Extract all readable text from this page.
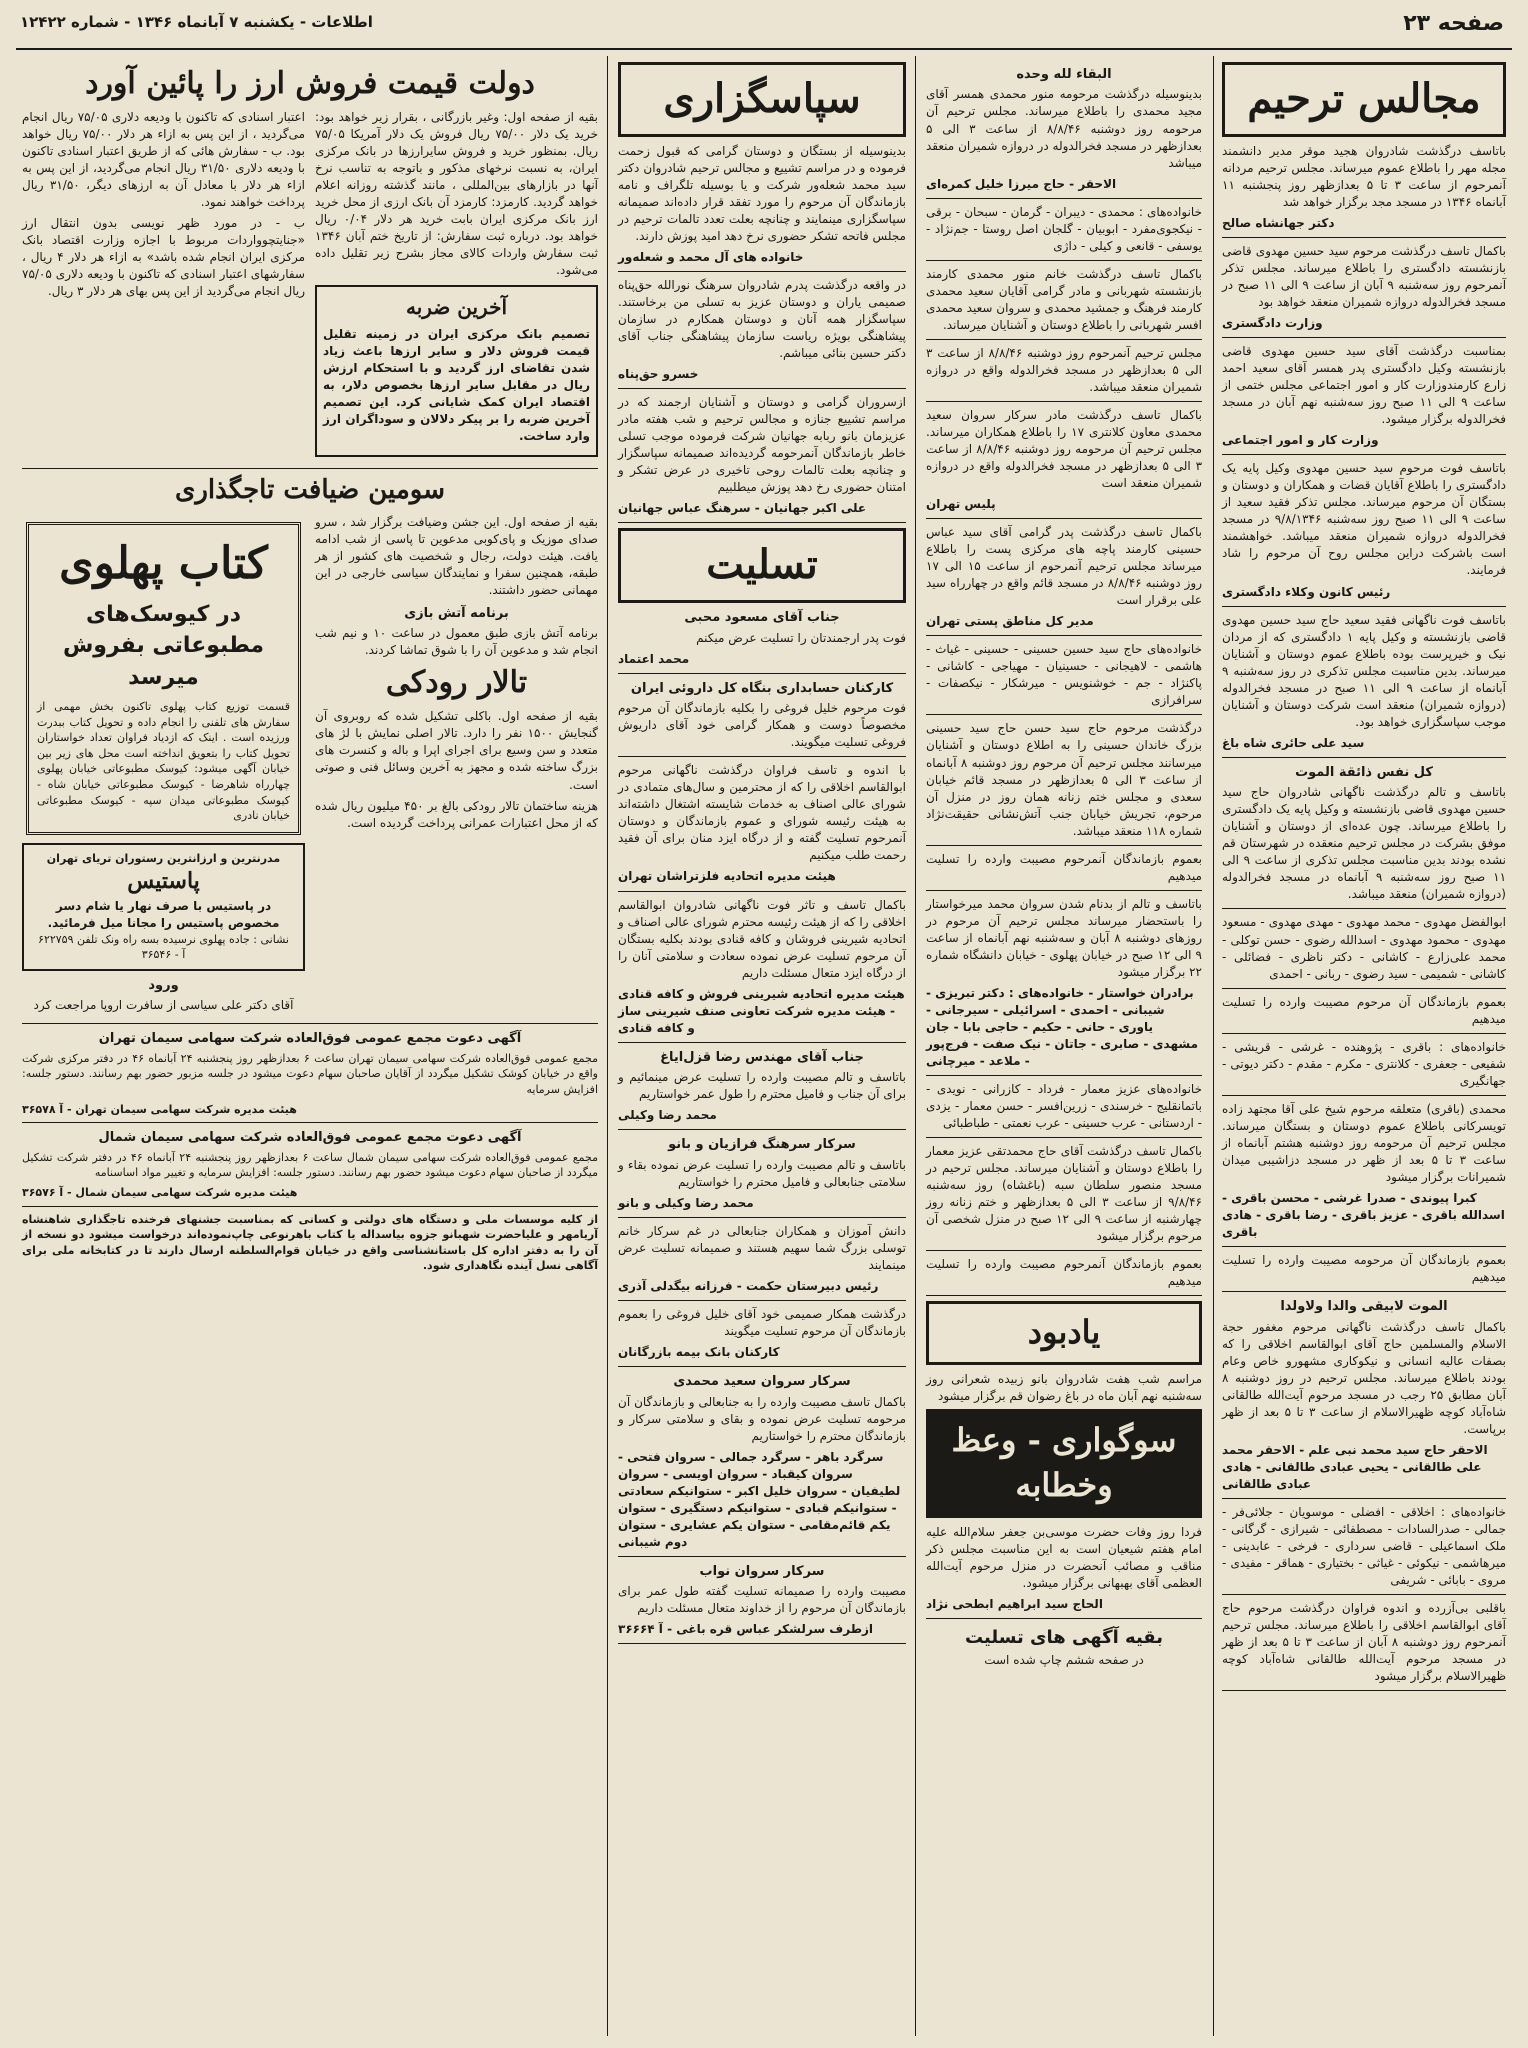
صفحه ۲۳
اطلاعات - یکشنبه ۷ آبانماه ۱۳۴۶ - شماره ۱۲۴۲۲
مجالس ترحیم
باتاسف درگذشت شادروان هجید موقر مدیر دانشمند مجله مهر را باطلاع عموم میرساند. مجلس ترحیم مردانه آنمرحوم از ساعت ۳ تا ۵ بعدازظهر روز پنجشنبه ۱۱ آبانماه ۱۳۴۶ در مسجد مجد برگزار خواهد شد
دکتر جهانشاه صالح
باکمال تاسف درگذشت مرحوم سید حسین مهدوی قاضی بازنشسته دادگستری را باطلاع میرساند. مجلس تذکر آنمرحوم روز سه‌شنبه ۹ آبان از ساعت ۹ الی ۱۱ صبح در مسجد فخرالدوله دروازه شمیران منعقد خواهد بود
وزارت دادگستری
بمناسبت درگذشت آقای سید حسین مهدوی قاضی بازنشسته وکیل دادگستری پدر همسر آقای سعید احمد زارع کارمندوزارت کار و امور اجتماعی مجلس ختمی از ساعت ۹ الی ۱۱ صبح روز سه‌شنبه نهم آبان در مسجد فخرالدوله برگزار میشود.
وزارت کار و امور اجتماعی
باتاسف فوت مرحوم سید حسین مهدوی وکیل پایه یک دادگستری را باطلاع آقایان قضات و همکاران و دوستان و بستگان آن مرحوم میرساند. مجلس تذکر فقید سعید از ساعت ۹ الی ۱۱ صبح روز سه‌شنبه ۹/۸/۱۳۴۶ در مسجد فخرالدوله دروازه شمیران منعقد میباشد. خواهشمند است باشرکت دراین مجلس روح آن مرحوم را شاد فرمایند.
رئیس کانون وکلاء دادگستری
باتاسف فوت ناگهانی فقید سعید حاج سید حسین مهدوی قاضی بازنشسته و وکیل پایه ۱ دادگستری که از مردان نیک و خیرپرست بوده باطلاع عموم دوستان و آشنایان میرساند. بدین مناسبت مجلس تذکری در روز سه‌شنبه ۹ آبانماه از ساعت ۹ الی ۱۱ صبح در مسجد فخرالدوله (دروازه شمیران) منعقد است شرکت دوستان و آشنایان موجب سپاسگزاری خواهد بود.
سید علی حائری شاه باغ
کل نفس ذائقة الموت
باتاسف و تالم درگذشت ناگهانی شادروان حاج سید حسین مهدوی قاضی بازنشسته و وکیل پایه یک دادگستری را باطلاع میرساند. چون عده‌ای از دوستان و آشنایان موفق بشرکت در مجلس ترحیم منعقده در شهرستان قم نشده بودند بدین مناسبت مجلس تذکری از ساعت ۹ الی ۱۱ صبح روز سه‌شنبه ۹ آبانماه در مسجد فخرالدوله (دروازه شمیران) منعقد میباشد.
ابوالفضل مهدوی - محمد مهدوی - مهدی مهدوی - مسعود مهدوی - محمود مهدوی - اسدالله رضوی - حسن توکلی - محمد علی‌زارع - کاشانی - دکتر ناظری - فضائلی - کاشانی - شمیمی - سید رضوی - ربانی - احمدی
بعموم بازماندگان آن مرحوم مصیبت وارده را تسلیت میدهیم
خانواده‌های : باقری - پژوهنده - غرشی - قریشی - شفیعی - جعفری - کلانتری - مکرم - مقدم - دکتر دیوتی - جهانگیری
محمدی (باقری) متعلقه مرحوم شیخ علی آقا مجتهد زاده تویسرکانی باطلاع عموم دوستان و بستگان میرساند. مجلس ترحیم آن مرحومه روز دوشنبه هشتم آبانماه از ساعت ۳ تا ۵ بعد از ظهر در مسجد دزاشیبی میدان شمیرانات برگزار میشود
کبرا پیوندی - صدرا غرشی - محسن باقری - اسدالله باقری - عزیز باقری - رضا باقری - هادی باقری
بعموم بازماندگان آن مرحومه مصیبت وارده را تسلیت میدهیم
الموت لابیقی والدا ولاولدا
باکمال تاسف درگذشت ناگهانی مرحوم مغفور حجة الاسلام والمسلمین حاج آقای ابوالقاسم اخلاقی را که بصفات عالیه انسانی و نیکوکاری مشهورو خاص وعام بودند باطلاع میرساند. مجلس ترحیم در روز دوشنبه ۸ آبان مطابق ۲۵ رجب در مسجد مرحوم آیت‌الله طالقانی شاه‌آباد کوچه ظهیرالاسلام از ساعت ۳ تا ۵ بعد از ظهر برپاست.
الاحقر حاج سید محمد نبی علم - الاحقر محمد علی طالقانی - یحیی عبادی طالقانی - هادی عبادی طالقانی
خانواده‌های : اخلاقی - افضلی - موسویان - جلائی‌فر - جمالی - صدرالسادات - مصطفائی - شیرازی - گرگانی - ملک اسماعیلی - قاضی سرداری - فرخی - عابدینی - میرهاشمی - نیکوئی - غیاثی - بختیاری - هماقر - مفیدی - مروی - بابائی - شریفی
باقلبی بی‌آزرده و اندوه فراوان درگذشت مرحوم حاج آقای ابوالقاسم اخلاقی را باطلاع میرساند. مجلس ترحیم آنمرحوم روز دوشنبه ۸ آبان از ساعت ۳ تا ۵ بعد از ظهر در مسجد مرحوم آیت‌الله طالقانی شاه‌آباد کوچه ظهیرالاسلام برگزار میشود
البقاء لله وحده
بدینوسیله درگذشت مرحومه منور محمدی همسر آقای مجید محمدی را باطلاع میرساند. مجلس ترحیم آن مرحومه روز دوشنبه ۸/۸/۴۶ از ساعت ۳ الی ۵ بعدازظهر در مسجد فخرالدوله در دروازه شمیران منعقد میباشد
الاحقر - حاج میرزا خلیل کمره‌ای
خانواده‌های : محمدی - دیبران - گرمان - سبحان - برقی - نیکجوی‌مفرد - ابوبیان - گلجان اصل روستا - جم‌نژاد - یوسفی - قانعی و کیلی - داژی
باکمال تاسف درگذشت خانم منور محمدی کارمند بازنشسته شهربانی و مادر گرامی آقایان سعید محمدی کارمند فرهنگ و جمشید محمدی و سروان سعید محمدی افسر شهربانی را باطلاع دوستان و آشنایان میرساند.
مجلس ترحیم آنمرحوم روز دوشنبه ۸/۸/۴۶ از ساعت ۳ الی ۵ بعدازظهر در مسجد فخرالدوله واقع در دروازه شمیران منعقد میباشد.
باکمال تاسف درگذشت مادر سرکار سروان سعید محمدی معاون کلانتری ۱۷ را باطلاع همکاران میرساند. مجلس ترحیم آن مرحومه روز دوشنبه ۸/۸/۴۶ از ساعت ۳ الی ۵ بعدازظهر در مسجد فخرالدوله واقع در دروازه شمیران منعقد است
پلیس تهران
باکمال تاسف درگذشت پدر گرامی آقای سید عباس حسینی کارمند پاچه های مرکزی پست را باطلاع میرساند مجلس ترحیم آنمرحوم از ساعت ۱۵ الی ۱۷ روز دوشنبه ۸/۸/۴۶ در مسجد قائم واقع در چهارراه سید علی برقرار است
مدیر کل مناطق پستی تهران
خانواده‌های حاج سید حسین حسینی - حسینی - غیاث - هاشمی - لاهیجانی - حسینیان - مهیاجی - کاشانی - پاکنژاد - جم - خوشنویس - میرشکار - نیکصفات - سرافرازی
درگذشت مرحوم حاج سید حسن حاج سید حسینی بزرگ خاندان حسینی را به اطلاع دوستان و آشنایان میرسانند مجلس ترحیم آن مرحوم روز دوشنبه ۸ آبانماه از ساعت ۳ الی ۵ بعدازظهر در مسجد قائم خیابان سعدی و مجلس ختم زنانه همان روز در منزل آن مرحوم، تجریش خیابان جنب آتش‌نشانی حقیقت‌نژاد شماره ۱۱۸ منعقد میباشد.
بعموم بازماندگان آنمرحوم مصیبت وارده را تسلیت میدهیم
باتاسف و تالم از بدنام شدن سروان محمد میرخواستار را باستحضار میرساند مجلس ترحیم آن مرحوم در روزهای دوشنبه ۸ آبان و سه‌شنبه نهم آبانماه از ساعت ۹ الی ۱۲ صبح در خیابان پهلوی - خیابان دانشگاه شماره ۲۲ برگزار میشود
برادران خواستار - خانواده‌های : دکتر تبریزی - شیبانی - احمدی - اسرائیلی - سیرجانی - یاوری - حانی - حکیم - حاجی بابا - جان مشهدی - صابری - جاتان - نیک صفت - فرج‌پور - ملاعد - میرچانی
خانواده‌های عزیز معمار - فرداد - کازرانی - نویدی - باتمانقلیج - خرسندی - زرین‌افسر - حسن معمار - یزدی - اردستانی - عرب حسینی - عرب نعمتی - طباطبائی
باکمال تاسف درگذشت آقای حاج محمدتقی عزیز معمار را باطلاع دوستان و آشنایان میرساند. مجلس ترحیم در مسجد منصور سلطان سبه (باغشاه) روز سه‌شنبه ۹/۸/۴۶ از ساعت ۳ الی ۵ بعدازظهر و ختم زنانه روز چهارشنبه از ساعت ۹ الی ۱۲ صبح در منزل شخصی آن مرحوم برگزار میشود
بعموم بازماندگان آنمرحوم مصیبت وارده را تسلیت میدهیم
یادبود
مراسم شب هفت شادروان بانو زبیده شعرانی روز سه‌شنبه نهم آبان ماه در باغ رضوان قم برگزار میشود
سوگواری - وعظ وخطابه
فردا روز وفات حضرت موسی‌بن جعفر سلام‌الله علیه امام هفتم شیعیان است به این مناسبت مجلس ذکر مناقب و مصائب آنحضرت در منزل مرحوم آیت‌الله العظمی آقای بهبهانی برگزار میشود.
الحاج سید ابراهیم ابطحی نژاد
بقیه آگهی های تسلیت
در صفحه ششم چاپ شده است
سپاسگزاری
بدینوسیله از بستگان و دوستان گرامی که قبول زحمت فرموده و در مراسم تشییع و مجالس ترحیم شادروان دکتر سید محمد شعله‌ور شرکت و یا بوسیله تلگراف و نامه بازماندگان آن مرحوم را مورد تفقد قرار داده‌اند صمیمانه سپاسگزاری مینمایند و چنانچه بعلت تعدد تالمات ترحیم در مجلس فاتحه تشکر حضوری نرخ دهد امید پوزش دارند.
خانواده های آل محمد و شعله‌ور
در واقعه درگذشت پدرم شادروان سرهنگ نورالله حق‌پناه صمیمی یاران و دوستان عزیز به تسلی من برخاستند. سپاسگزار همه آنان و دوستان همکارم در سازمان پیشاهنگی بویژه ریاست سازمان پیشاهنگی جناب آقای دکتر حسین بنائی میباشم.
خسرو حق‌پناه
ازسروران گرامی و دوستان و آشنایان ارجمند که در مراسم تشییع جنازه و مجالس ترحیم و شب هفته مادر عزیزمان بانو ربابه جهانیان شرکت فرموده موجب تسلی خاطر بازماندگان آنمرحومه گردیده‌اند صمیمانه سپاسگزار و چنانچه بعلت تالمات روحی تاخیری در عرض تشکر و امتنان حضوری رخ دهد پوزش میطلبیم
علی اکبر جهانیان - سرهنگ عباس جهانیان
تسلیت
جناب آقای مسعود محبی
فوت پدر ارجمندتان را تسلیت عرض میکنم
محمد اعتماد
کارکنان حسابداری بنگاه کل داروئی ایران
فوت مرحوم خلیل فروغی را بکلیه بازماندگان آن مرحوم مخصوصاً دوست و همکار گرامی خود آقای داریوش فروغی تسلیت میگویند.
با اندوه و تاسف فراوان درگذشت ناگهانی مرحوم ابوالقاسم اخلاقی را که از محترمین و سال‌های متمادی در شورای عالی اصناف به خدمات شایسته اشتغال داشته‌اند به هیئت رئیسه شورای و عموم بازماندگان و دوستان آنمرحوم تسلیت گفته و از درگاه ایزد منان برای آن فقید رحمت طلب میکنیم
هیئت مدیره اتحادیه فلزتراشان تهران
باکمال تاسف و تاثر فوت ناگهانی شادروان ابوالقاسم اخلاقی را که از هیئت رئیسه محترم شورای عالی اصناف و اتحادیه شیرینی فروشان و کافه قنادی بودند بکلیه بستگان آن مرحوم تسلیت عرض نموده سعادت و سلامتی آنان را از درگاه ایزد متعال مسئلت داریم
هیئت مدیره اتحادیه شیرینی فروش و کافه قنادی - هیئت مدیره شرکت تعاونی صنف شیرینی ساز و کافه قنادی
جناب آقای مهندس رضا قزل‌ایاغ
باتاسف و تالم مصیبت وارده را تسلیت عرض مینمائیم و برای آن جناب و فامیل محترم را طول عمر خواستاریم
محمد رضا وکیلی
سرکار سرهنگ فرازیان و بانو
باتاسف و تالم مصیبت وارده را تسلیت عرض نموده بقاء و سلامتی جنابعالی و فامیل محترم را خواستاریم
محمد رضا وکیلی و بانو
دانش آموزان و همکاران جنابعالی در غم سرکار خانم توسلی بزرگ شما سهیم هستند و صمیمانه تسلیت عرض مینمایند
رئیس دبیرستان حکمت - فرزانه بیگدلی آذری
درگذشت همکار صمیمی خود آقای خلیل فروغی را بعموم بازماندگان آن مرحوم تسلیت میگویند
کارکنان بانک بیمه بازرگانان
سرکار سروان سعید محمدی
باکمال تاسف مصیبت وارده را به جنابعالی و بازماندگان آن مرحومه تسلیت عرض نموده و بقای و سلامتی سرکار و بازماندگان محترم را خواستاریم
سرگرد باهر - سرگرد جمالی - سروان فتحی - سروان کیقباد - سروان اویسی - سروان لطیفیان - سروان خلیل اکبر - ستوانیکم سعادتی - ستوانیکم قبادی - ستوانیکم دستگیری - ستوان یکم قائم‌مقامی - ستوان یکم عشایری - ستوان دوم شیبانی
سرکار سروان نواب
مصیبت وارده را صمیمانه تسلیت گفته طول عمر برای بازماندگان آن مرحوم را از خداوند متعال مسئلت داریم
ازطرف سرلشکر عباس قره باغی - آ ۳۶۶۶۴
دولت قیمت فروش ارز را پائین آورد
بقیه از صفحه اول: وغیر بازرگانی ، بقرار زیر خواهد بود: خرید یک دلار ۷۵/۰۰ ریال فروش یک دلار آمریکا ۷۵/۰۵ ریال. بمنظور خرید و فروش سایرارزها در بانک مرکزی ایران، به نسبت نرخهای مذکور و باتوجه به تناسب نرخ آنها در بازارهای بین‌المللی ، مانند گذشته روزانه اعلام خواهد گردید. کارمزد: کارمزد آن بانک ارزی از محل خرید ارز بانک مرکزی ایران بابت خرید هر دلار ۰/۰۴ ریال خواهد بود. درباره ثبت سفارش: از تاریخ ختم آبان ۱۳۴۶ ثبت سفارش واردات کالای مجاز بشرح زیر تقلیل داده می‌شود.
آخرین ضربه
تصمیم بانک مرکزی ایران در زمینه تقلیل قیمت فروش دلار و سایر ارزها باعث زیاد شدن تقاضای ارز گردید و با استحکام ارزش ریال در مقابل سایر ارزها بخصوص دلار، به اقتصاد ایران کمک شایانی کرد. این تصمیم آخرین ضربه را بر پیکر دلالان و سوداگران ارز وارد ساخت.
اعتبار اسنادی که تاکنون با ودیعه دلاری ۷۵/۰۵ ریال انجام می‌گردید ، از این پس به ازاء هر دلار ۷۵/۰۰ ریال خواهد بود. ب - سفارش هائی که از طریق اعتبار اسنادی تاکنون با ودیعه دلاری ۳۱/۵۰ ریال انجام می‌گردید، از این پس به ازاء هر دلار با معادل آن به ارزهای دیگر، ۳۱/۵۰ ریال پرداخت خواهند نمود.
ب - در مورد ظهر نویسی بدون انتقال ارز «جنایتچوواردات مربوط با اجازه وزارت اقتصاد بانک مرکزی ایران انجام شده باشد» به ازاء هر دلار ۴ ریال ، سفارشهای اعتبار اسنادی که تاکنون با ودیعه دلاری ۷۵/۰۵ ریال انجام می‌گردید از این پس بهای هر دلار ۳ ریال.
سومین ضیافت تاجگذاری
بقیه از صفحه اول. این جشن وضیافت برگزار شد ، سرو صدای موزیک و پای‌کوبی مدعوین تا پاسی از شب ادامه یافت. هیئت دولت، رجال و شخصیت های کشور از هر طبقه، همچنین سفرا و نمایندگان سیاسی خارجی در این مهمانی حضور داشتند.
برنامه آتش بازی
برنامه آتش بازی طبق معمول در ساعت ۱۰ و نیم شب انجام شد و مدعوین آن را با شوق تماشا کردند.
تالار رودکی
بقیه از صفحه اول. باکلی تشکیل شده که روبروی آن گنجایش ۱۵۰۰ نفر را دارد. تالار اصلی نمایش با لژ های متعدد و سن وسیع برای اجرای اپرا و باله و کنسرت های بزرگ ساخته شده و مجهز به آخرین وسائل فنی و صوتی است.
هزینه ساختمان تالار رودکی بالغ بر ۴۵۰ میلیون ریال شده که از محل اعتبارات عمرانی پرداخت گردیده است.
کتاب پهلوی
در کیوسک‌های مطبوعاتی بفروش میرسد
قسمت توزیع کتاب پهلوی تاکنون بخش مهمی از سفارش های تلفنی را انجام داده و تحویل کتاب ببدرت ورزیده است . اینک که ازدیاد فراوان تعداد خواستاران تحویل کتاب را بتعویق انداخته است محل های زیر بین خیابان آگهی میشود: کیوسک مطبوعاتی خیابان پهلوی چهارراه شاهرضا - کیوسک مطبوعاتی خیابان شاه - کیوسک مطبوعاتی میدان سپه - کیوسک مطبوعاتی خیابان نادری
مدرنترین و ارزانترین رستوران تریای تهران
پاستیس
در پاستیس با صرف نهار یا شام دسر مخصوص پاستیس را مجانا میل فرمائید.
نشانی : جاده پهلوی نرسیده بسه راه ونک تلفن ۶۲۲۷۵۹
آ - ۳۶۵۴۶
ورود
آقای دکتر علی سیاسی از سافرت اروپا مراجعت کرد
آگهی دعوت مجمع عمومی فوق‌العاده شرکت سهامی سیمان تهران
مجمع عمومی فوق‌العاده شرکت سهامی سیمان تهران ساعت ۶ بعدازظهر روز پنجشنبه ۲۴ آبانماه ۴۶ در دفتر مرکزی شرکت واقع در خیابان کوشک تشکیل میگردد از آقایان صاحبان سهام دعوت میشود در جلسه مزبور حضور بهم رسانند. دستور جلسه: افزایش سرمایه
هیئت مدیره شرکت سهامی سیمان تهران - آ ۳۶۵۷۸
آگهی دعوت مجمع عمومی فوق‌العاده شرکت سهامی سیمان شمال
مجمع عمومی فوق‌العاده شرکت سهامی سیمان شمال ساعت ۶ بعدازظهر روز پنجشنبه ۲۴ آبانماه ۴۶ در دفتر شرکت تشکیل میگردد از صاحبان سهام دعوت میشود حضور بهم رسانند. دستور جلسه: افزایش سرمایه و تغییر مواد اساسنامه
هیئت مدیره شرکت سهامی سیمان شمال - آ ۳۶۵۷۶
از کلیه موسسات ملی و دستگاه های دولتی و کسانی که بمناسبت جشنهای فرخنده تاجگذاری شاهنشاه آریامهر و علیاحضرت شهبانو جزوه بیاسداله یا کتاب باهرنوعی چاپ‌نموده‌اند درخواست میشود دو نسخه از آن را به دفتر اداره کل باستانشناسی واقع در خیابان قوام‌السلطنه ارسال دارند تا در کتابخانه ملی برای آگاهی نسل آینده نگاهداری شود.
